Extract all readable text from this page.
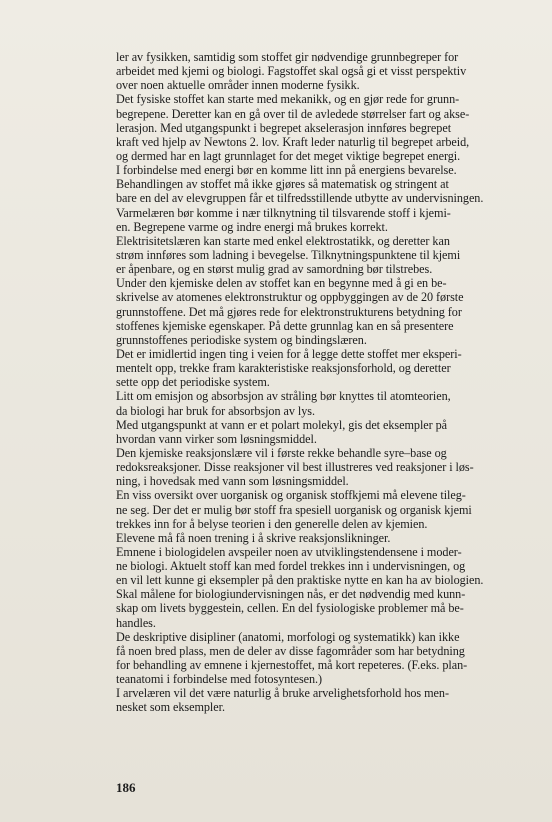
ler av fysikken, samtidig som stoffet gir nødvendige grunnbegreper for
arbeidet med kjemi og biologi. Fagstoffet skal også gi et visst perspektiv
over noen aktuelle områder innen moderne fysikk.
Det fysiske stoffet kan starte med mekanikk, og en gjør rede for grunn-
begrepene. Deretter kan en gå over til de avledede størrelser fart og akse-
lerasjon. Med utgangspunkt i begrepet akselerasjon innføres begrepet
kraft ved hjelp av Newtons 2. lov. Kraft leder naturlig til begrepet arbeid,
og dermed har en lagt grunnlaget for det meget viktige begrepet energi.
I forbindelse med energi bør en komme litt inn på energiens bevarelse.
Behandlingen av stoffet må ikke gjøres så matematisk og stringent at
bare en del av elevgruppen får et tilfredsstillende utbytte av undervisningen.
Varmelæren bør komme i nær tilknytning til tilsvarende stoff i kjemi-
en. Begrepene varme og indre energi må brukes korrekt.
Elektrisitetslæren kan starte med enkel elektrostatikk, og deretter kan
strøm innføres som ladning i bevegelse. Tilknytningspunktene til kjemi
er åpenbare, og en størst mulig grad av samordning bør tilstrebes.
Under den kjemiske delen av stoffet kan en begynne med å gi en be-
skrivelse av atomenes elektronstruktur og oppbyggingen av de 20 første
grunnstoffene. Det må gjøres rede for elektronstrukturens betydning for
stoffenes kjemiske egenskaper. På dette grunnlag kan en så presentere
grunnstoffenes periodiske system og bindingslæren.
Det er imidlertid ingen ting i veien for å legge dette stoffet mer eksperi-
mentelt opp, trekke fram karakteristiske reaksjonsforhold, og deretter
sette opp det periodiske system.
Litt om emisjon og absorbsjon av stråling bør knyttes til atomteorien,
da biologi har bruk for absorbsjon av lys.
Med utgangspunkt at vann er et polart molekyl, gis det eksempler på
hvordan vann virker som løsningsmiddel.
Den kjemiske reaksjonslære vil i første rekke behandle syre–base og
redoksreaksjoner. Disse reaksjoner vil best illustreres ved reaksjoner i løs-
ning, i hovedsak med vann som løsningsmiddel.
En viss oversikt over uorganisk og organisk stoffkjemi må elevene tileg-
ne seg. Der det er mulig bør stoff fra spesiell uorganisk og organisk kjemi
trekkes inn for å belyse teorien i den generelle delen av kjemien.
Elevene må få noen trening i å skrive reaksjonslikninger.
Emnene i biologidelen avspeiler noen av utviklingstendensene i moder-
ne biologi. Aktuelt stoff kan med fordel trekkes inn i undervisningen, og
en vil lett kunne gi eksempler på den praktiske nytte en kan ha av biologien.
Skal målene for biologiundervisningen nås, er det nødvendig med kunn-
skap om livets byggestein, cellen. En del fysiologiske problemer må be-
handles.
De deskriptive disipliner (anatomi, morfologi og systematikk) kan ikke
få noen bred plass, men de deler av disse fagområder som har betydning
for behandling av emnene i kjernestoffet, må kort repeteres. (F.eks. plan-
teanatomi i forbindelse med fotosyntesen.)
I arvelæren vil det være naturlig å bruke arvelighetsforhold hos men-
nesket som eksempler.
186
